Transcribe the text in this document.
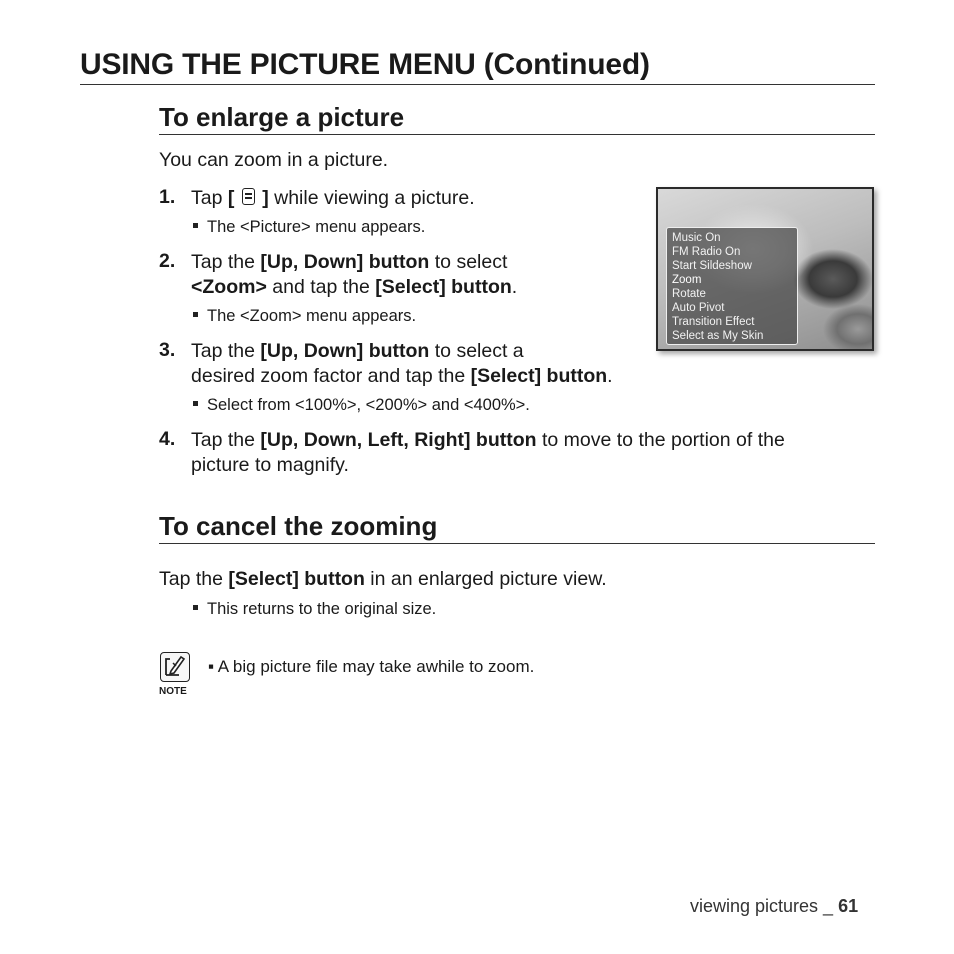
USING THE PICTURE MENU (Continued)
To enlarge a picture
You can zoom in a picture.
1. Tap [ ] while viewing a picture.
The <Picture> menu appears.
2. Tap the [Up, Down] button to select
<Zoom> and tap the [Select] button.
The <Zoom> menu appears.
3. Tap the [Up, Down] button to select a
desired zoom factor and tap the [Select] button.
Select from <100%>, <200%> and <400%>.
4. Tap the [Up, Down, Left, Right] button to move to the portion of the
picture to magnify.
Music On
FM Radio On
Start Sildeshow
Zoom
Rotate
Auto Pivot
Transition Effect
Select as My Skin
To cancel the zooming
Tap the [Select] button in an enlarged picture view.
This returns to the original size.
NOTE
▪ A big picture file may take awhile to zoom.
viewing pictures _ 61
